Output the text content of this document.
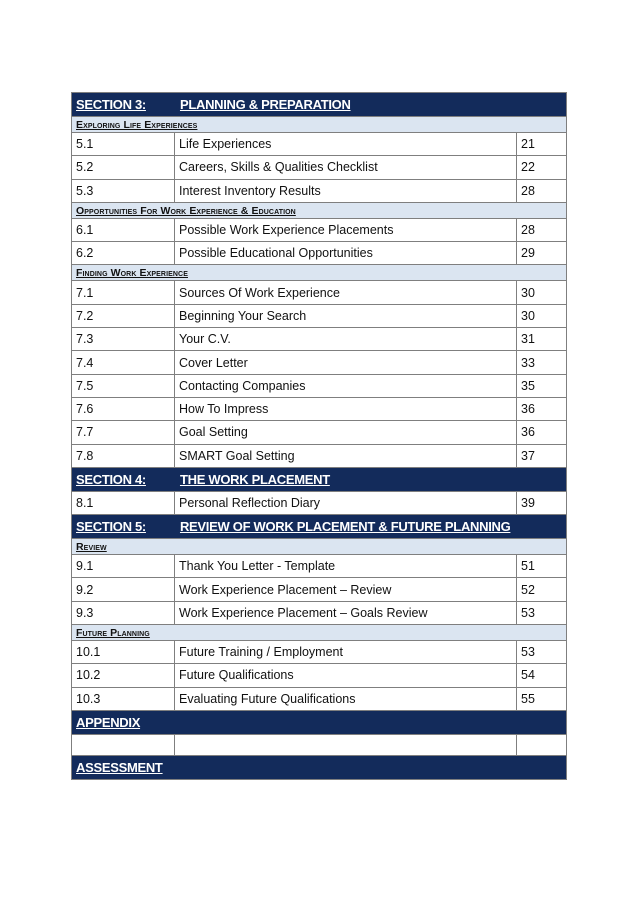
SECTION 3: PLANNING & PREPARATION		
Exploring Life Experiences		
5.1	Life Experiences	21
5.2	Careers, Skills & Qualities Checklist	22
5.3	Interest Inventory Results	28
Opportunities For Work Experience & Education		
6.1	Possible Work Experience Placements	28
6.2	Possible Educational Opportunities	29
Finding Work Experience		
7.1	Sources Of Work Experience	30
7.2	Beginning Your Search	30
7.3	Your C.V.	31
7.4	Cover Letter	33
7.5	Contacting Companies	35
7.6	How To Impress	36
7.7	Goal Setting	36
7.8	SMART Goal Setting	37
SECTION 4: THE WORK PLACEMENT		
8.1	Personal Reflection Diary	39
SECTION 5: REVIEW OF WORK PLACEMENT & FUTURE PLANNING		
Review		
9.1	Thank You Letter - Template	51
9.2	Work Experience Placement – Review	52
9.3	Work Experience Placement – Goals Review	53
Future Planning		
10.1	Future Training / Employment	53
10.2	Future Qualifications	54
10.3	Evaluating Future Qualifications	55
APPENDIX		

ASSESSMENT		
